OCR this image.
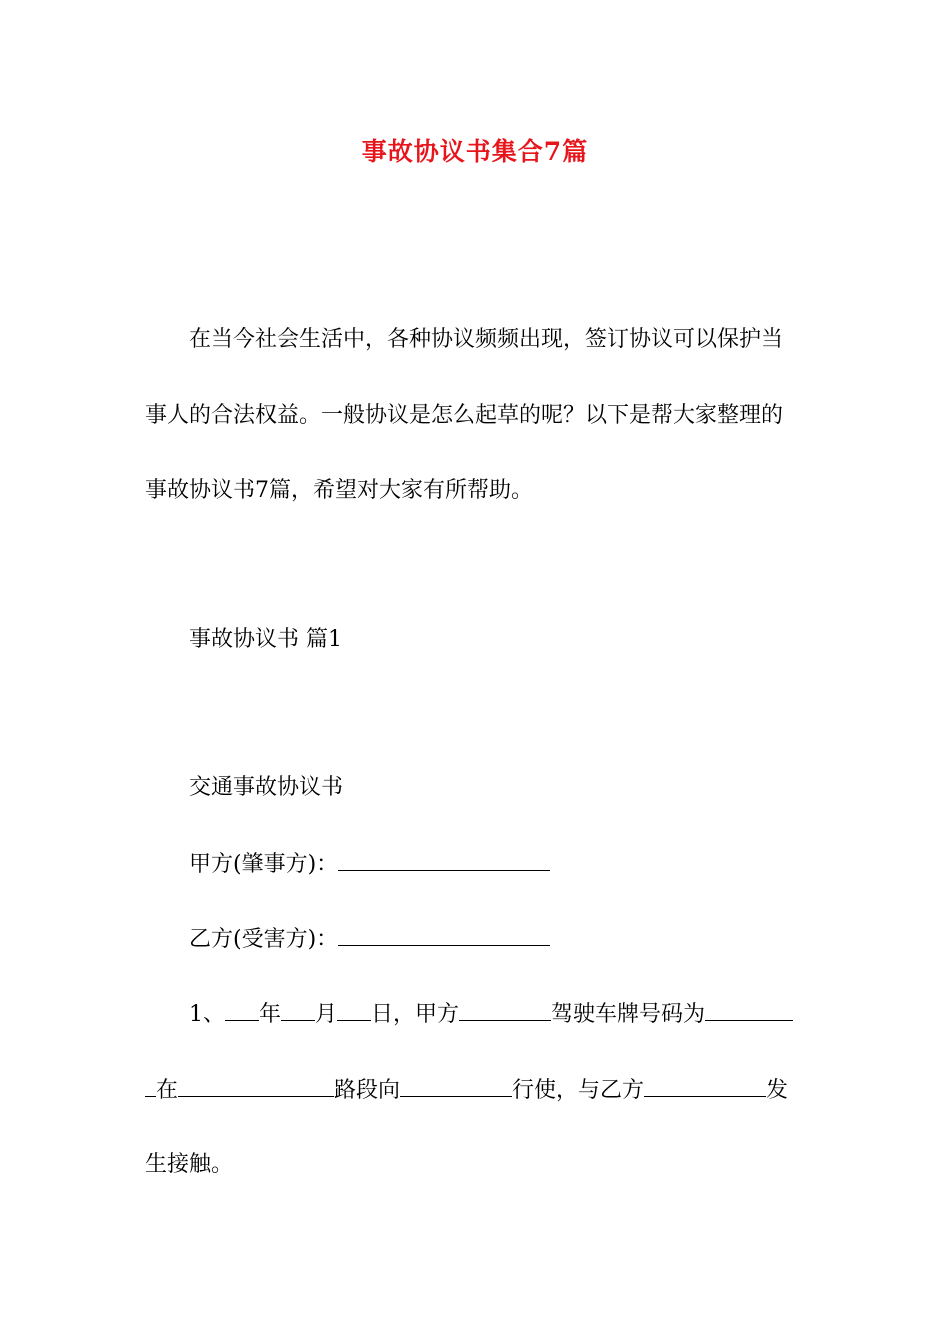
事故协议书集合7篇
在当今社会生活中，各种协议频频出现，签订协议可以保护当
事人的合法权益。一般协议是怎么起草的呢？以下是帮大家整理的
事故协议书7篇，希望对大家有所帮助。
事故协议书 篇1
交通事故协议书
甲方(肇事方)：
乙方(受害方)：
1、 年 月 日，甲方	驾驶车牌号码为
在	路段向	行使，与乙方	发
生接触。
